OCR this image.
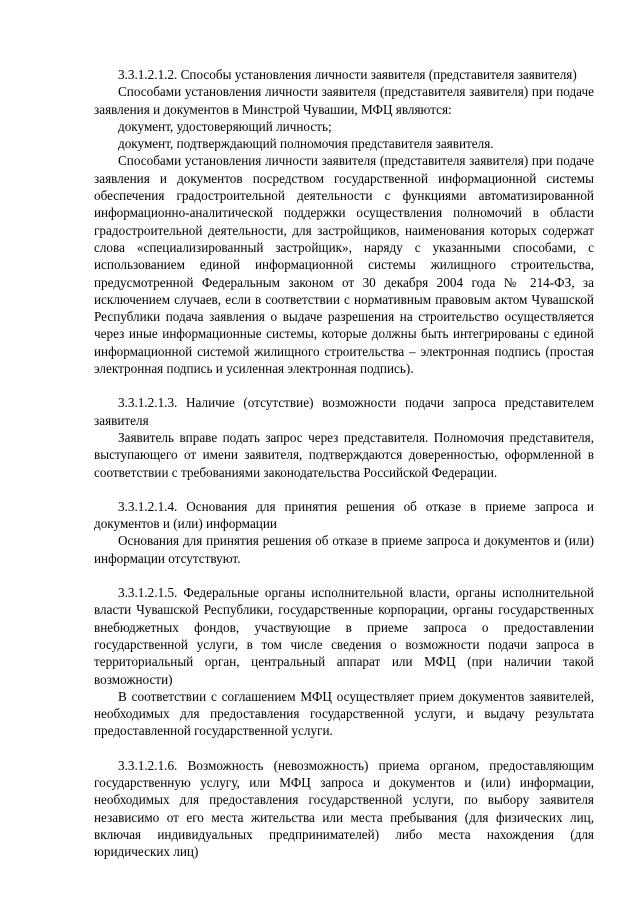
3.3.1.2.1.2. Способы установления личности заявителя (представителя заявителя)

Способами установления личности заявителя (представителя заявителя) при подаче заявления и документов в Минстрой Чувашии, МФЦ являются:

документ, удостоверяющий личность;

документ, подтверждающий полномочия представителя заявителя.

Способами установления личности заявителя (представителя заявителя) при подаче заявления и документов посредством государственной информационной системы обеспечения градостроительной деятельности с функциями автоматизированной информационно-аналитической поддержки осуществления полномочий в области градостроительной деятельности, для застройщиков, наименования которых содержат слова «специализированный застройщик», наряду с указанными способами, с использованием единой информационной системы жилищного строительства, предусмотренной Федеральным законом от 30 декабря 2004 года № 214-ФЗ, за исключением случаев, если в соответствии с нормативным правовым актом Чувашской Республики подача заявления о выдаче разрешения на строительство осуществляется через иные информационные системы, которые должны быть интегрированы с единой информационной системой жилищного строительства – электронная подпись (простая электронная подпись и усиленная электронная подпись).

3.3.1.2.1.3. Наличие (отсутствие) возможности подачи запроса представителем заявителя

Заявитель вправе подать запрос через представителя. Полномочия представителя, выступающего от имени заявителя, подтверждаются доверенностью, оформленной в соответствии с требованиями законодательства Российской Федерации.

3.3.1.2.1.4. Основания для принятия решения об отказе в приеме запроса и документов и (или) информации

Основания для принятия решения об отказе в приеме запроса и документов и (или) информации отсутствуют.

3.3.1.2.1.5. Федеральные органы исполнительной власти, органы исполнительной власти Чувашской Республики, государственные корпорации, органы государственных внебюджетных фондов, участвующие в приеме запроса о предоставлении государственной услуги, в том числе сведения о возможности подачи запроса в территориальный орган, центральный аппарат или МФЦ (при наличии такой возможности)

В соответствии с соглашением МФЦ осуществляет прием документов заявителей, необходимых для предоставления государственной услуги, и выдачу результата предоставленной государственной услуги.

3.3.1.2.1.6. Возможность (невозможность) приема органом, предоставляющим государственную услугу, или МФЦ запроса и документов и (или) информации, необходимых для предоставления государственной услуги, по выбору заявителя независимо от его места жительства или места пребывания (для физических лиц, включая индивидуальных предпринимателей) либо места нахождения (для юридических лиц)
